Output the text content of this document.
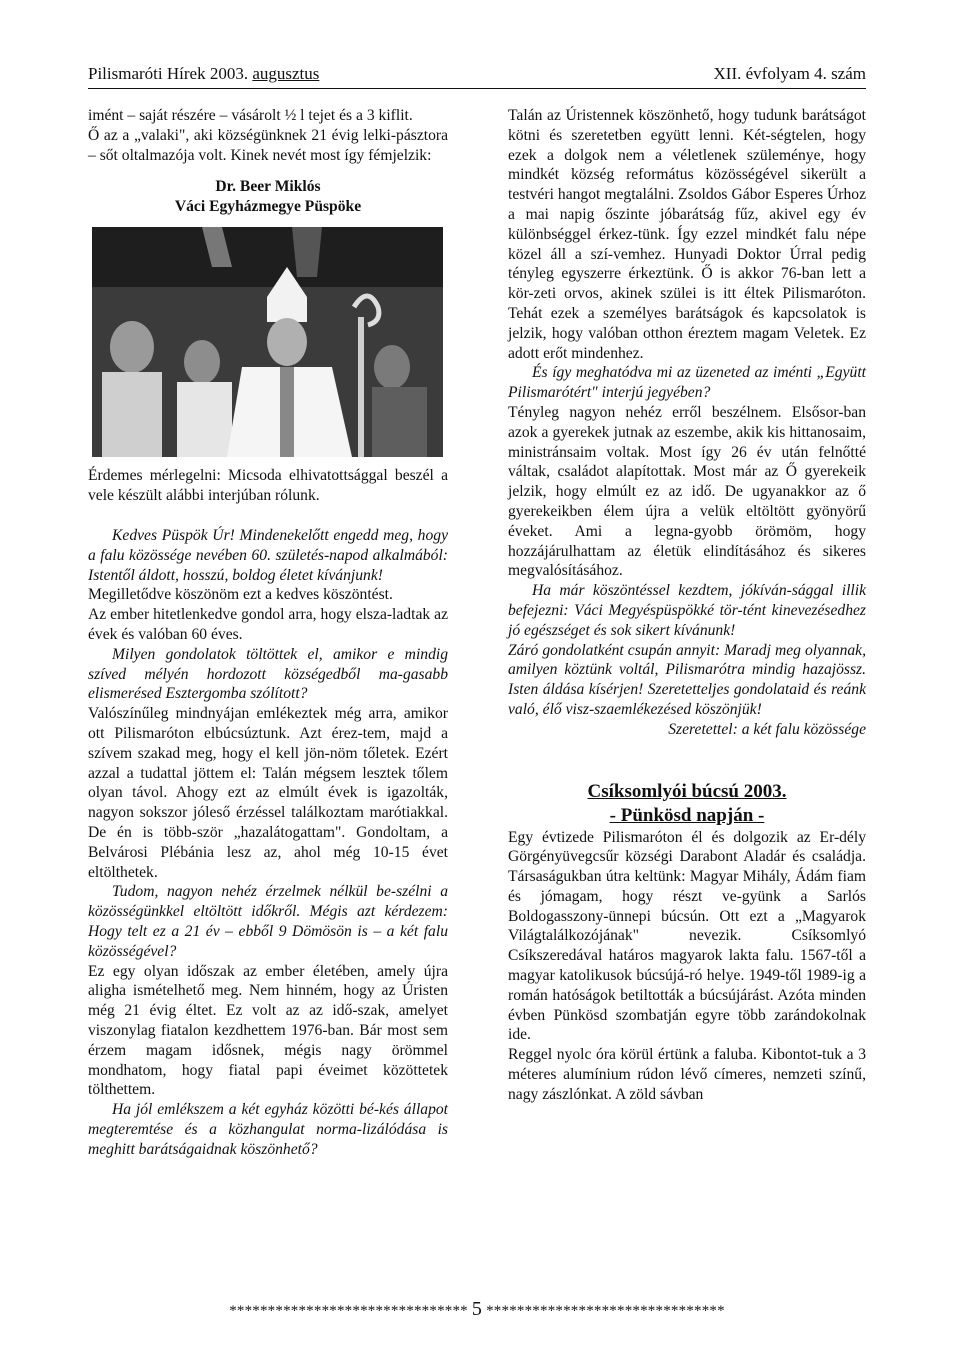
Pilismaróti Hírek 2003. augusztus	XII. évfolyam 4. szám

imént – saját részére – vásárolt ½ l tejet és a 3 kiflit.

Ő az a „valaki", aki községünknek 21 évig lelki-pásztora – sőt oltalmazója volt. Kinek nevét most így fémjelzik:

Dr. Beer Miklós
Váci Egyházmegye Püspöke

Érdemes mérlegelni: Micsoda elhivatottsággal beszél a vele készült alábbi interjúban rólunk.

Kedves Püspök Úr! Mindenekelőtt engedd meg, hogy a falu közössége nevében 60. születés-napod alkalmából: Istentől áldott, hosszú, boldog életet kívánjunk!

Megilletődve köszönöm ezt a kedves köszöntést.

Az ember hitetlenkedve gondol arra, hogy elsza-ladtak az évek és valóban 60 éves.

Milyen gondolatok töltöttek el, amikor e mindig szíved mélyén hordozott községedből ma-gasabb elismerésed Esztergomba szólított?

Valószínűleg mindnyájan emlékeztek még arra, amikor ott Pilismaróton elbúcsúztunk. Azt érez-tem, majd a szívem szakad meg, hogy el kell jön-nöm tőletek. Ezért azzal a tudattal jöttem el: Talán mégsem lesztek tőlem olyan távol. Ahogy ezt az elmúlt évek is igazolták, nagyon sokszor jóleső érzéssel találkoztam marótiakkal. De én is több-ször „hazalátogattam". Gondoltam, a Belvárosi Plébánia lesz az, ahol még 10-15 évet eltölthetek.

Tudom, nagyon nehéz érzelmek nélkül be-szélni a közösségünkkel eltöltött időkről. Mégis azt kérdezem: Hogy telt ez a 21 év – ebből 9 Dömösön is – a két falu közösségével?

Ez egy olyan időszak az ember életében, amely újra aligha ismételhető meg. Nem hinném, hogy az Úristen még 21 évig éltet. Ez volt az az idő-szak, amelyet viszonylag fiatalon kezdhettem 1976-ban. Bár most sem érzem magam idősnek, mégis nagy örömmel mondhatom, hogy fiatal papi éveimet közöttetek tölthettem.

Ha jól emlékszem a két egyház közötti bé-kés állapot megteremtése és a közhangulat norma-lizálódása is meghitt barátságaidnak köszönhető?

Talán az Úristennek köszönhető, hogy tudunk barátságot kötni és szeretetben együtt lenni. Két-ségtelen, hogy ezek a dolgok nem a véletlenek szüleménye, hogy mindkét község református közösségével sikerült a testvéri hangot megtalálni. Zsoldos Gábor Esperes Úrhoz a mai napig őszinte jóbarátság fűz, akivel egy év különbséggel érkez-tünk. Így ezzel mindkét falu népe közel áll a szí-vemhez. Hunyadi Doktor Úrral pedig tényleg egyszerre érkeztünk. Ő is akkor 76-ban lett a kör-zeti orvos, akinek szülei is itt éltek Pilismaróton. Tehát ezek a személyes barátságok és kapcsolatok is jelzik, hogy valóban otthon éreztem magam Veletek. Ez adott erőt mindenhez.

És így meghatódva mi az üzeneted az iménti „Együtt Pilismarótért" interjú jegyében?

Tényleg nagyon nehéz erről beszélnem. Elsősor-ban azok a gyerekek jutnak az eszembe, akik kis hittanosaim, ministránsaim voltak. Most így 26 év után felnőtté váltak, családot alapítottak. Most már az Ő gyerekeik jelzik, hogy elmúlt ez az idő. De ugyanakkor az ő gyerekeikben élem újra a velük eltöltött gyönyörű éveket. Ami a legna-gyobb örömöm, hogy hozzájárulhattam az életük elindításához és sikeres megvalósításához.

Ha már köszöntéssel kezdtem, jókíván-sággal illik befejezni: Váci Megyéspüspökké tör-tént kinevezésedhez jó egészséget és sok sikert kívánunk!

Záró gondolatként csupán annyit: Maradj meg olyannak, amilyen köztünk voltál, Pilismarótra mindig hazajössz. Isten áldása kísérjen! Szeretetteljes gondolataid és reánk való, élő visz-szaemlékezésed köszönjük!

Szeretettel: a két falu közössége

Csíksomlyói búcsú 2003.
- Pünkösd napján -

Egy évtizede Pilismaróton él és dolgozik az Er-dély Görgényüvegcsűr községi Darabont Aladár és családja. Társaságukban útra keltünk: Magyar Mihály, Ádám fiam és jómagam, hogy részt ve-gyünk a Sarlós Boldogasszony-ünnepi búcsún. Ott ezt a „Magyarok Világtalálkozójának" nevezik. Csíksomlyó Csíkszeredával határos magyarok lakta falu. 1567-től a magyar katolikusok búcsújá-ró helye. 1949-től 1989-ig a román hatóságok betiltották a búcsújárást. Azóta minden évben Pünkösd szombatján egyre több zarándokolnak ide.

Reggel nyolc óra körül értünk a faluba. Kibontot-tuk a 3 méteres alumínium rúdon lévő címeres, nemzeti színű, nagy zászlónkat. A zöld sávban

******************************* 5 *******************************
